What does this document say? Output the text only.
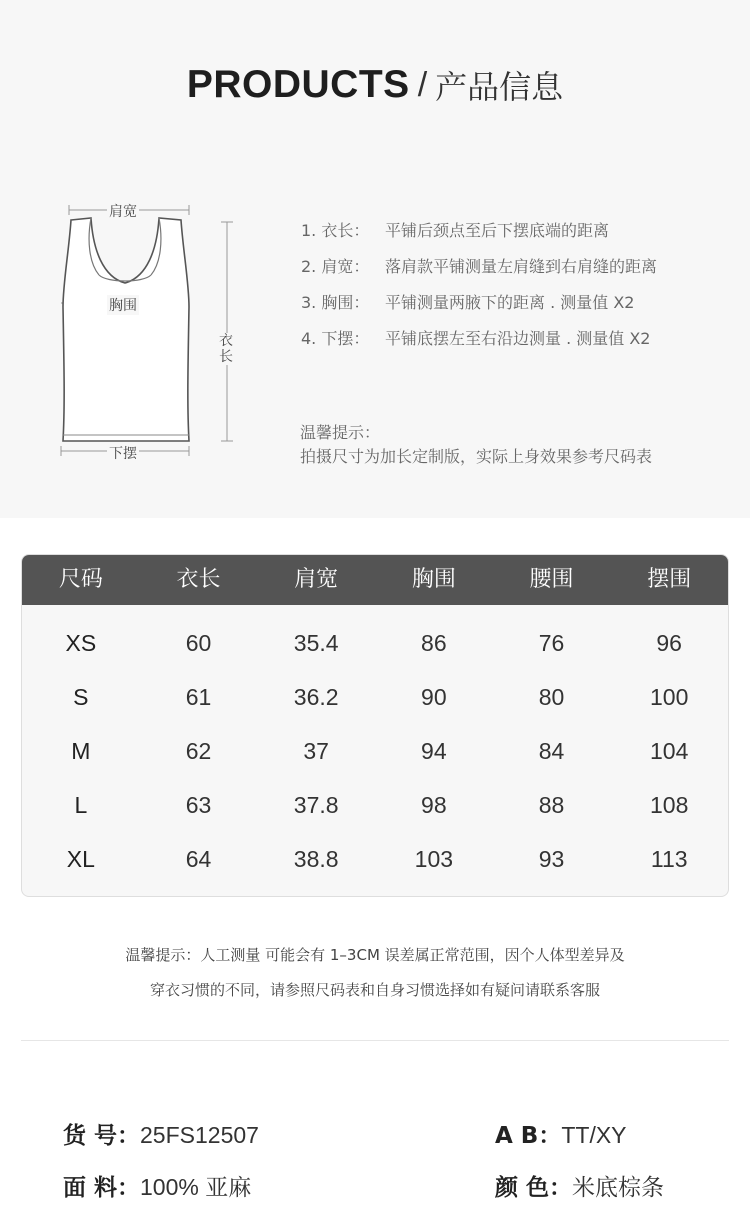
PRODUCTS / 产品信息
肩宽
胸围
衣长
下摆
1. 衣长： 平铺后颈点至后下摆底端的距离
2. 肩宽： 落肩款平铺测量左肩缝到右肩缝的距离
3. 胸围： 平铺测量两腋下的距离 . 测量值 X2
4. 下摆： 平铺底摆左至右沿边测量 . 测量值 X2
温馨提示：
拍摄尺寸为加长定制版，实际上身效果参考尺码表
尺码	衣长	肩宽	胸围	腰围	摆围
XS	60	35.4	86	76	96
S	61	36.2	90	80	100
M	62	37	94	84	104
L	63	37.8	98	88	108
XL	64	38.8	103	93	113
温馨提示：人工测量 可能会有 1–3CM 误差属正常范围，因个人体型差异及
穿衣习惯的不同，请参照尺码表和自身习惯选择如有疑问请联系客服
货 号：25FS12507	A B：TT/XY
面 料：100% 亚麻	颜 色：米底棕条
